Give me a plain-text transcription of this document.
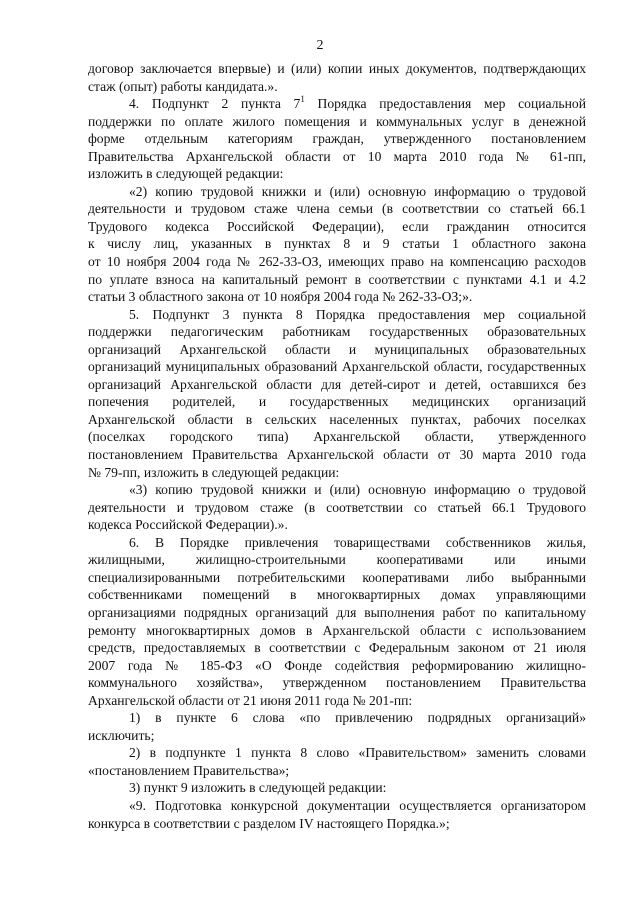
2
договор заключается впервые) и (или) копии иных документов, подтверждающих
стаж (опыт) работы кандидата.».
4. Подпункт 2 пункта $7^1$ Порядка предоставления мер социальной
поддержки по оплате жилого помещения и коммунальных услуг в денежной
форме отдельным категориям граждан, утвержденного постановлением
Правительства Архангельской области от 10 марта 2010 года № 61-пп,
изложить в следующей редакции:
«2) копию трудовой книжки и (или) основную информацию о трудовой
деятельности и трудовом стаже члена семьи (в соответствии со статьей 66.1
Трудового кодекса Российской Федерации), если гражданин относится
к числу лиц, указанных в пунктах 8 и 9 статьи 1 областного закона
от 10 ноября 2004 года № 262-33-ОЗ, имеющих право на компенсацию расходов
по уплате взноса на капитальный ремонт в соответствии с пунктами 4.1 и 4.2
статьи 3 областного закона от 10 ноября 2004 года № 262-33-ОЗ;».
5. Подпункт 3 пункта 8 Порядка предоставления мер социальной
поддержки педагогическим работникам государственных образовательных
организаций Архангельской области и муниципальных образовательных
организаций муниципальных образований Архангельской области, государственных
организаций Архангельской области для детей-сирот и детей, оставшихся без
попечения родителей, и государственных медицинских организаций
Архангельской области в сельских населенных пунктах, рабочих поселках
(поселках городского типа) Архангельской области, утвержденного
постановлением Правительства Архангельской области от 30 марта 2010 года
№ 79-пп, изложить в следующей редакции:
«3) копию трудовой книжки и (или) основную информацию о трудовой
деятельности и трудовом стаже (в соответствии со статьей 66.1 Трудового
кодекса Российской Федерации).».
6. В Порядке привлечения товариществами собственников жилья,
жилищными, жилищно-строительными кооперативами или иными
специализированными потребительскими кооперативами либо выбранными
собственниками помещений в многоквартирных домах управляющими
организациями подрядных организаций для выполнения работ по капитальному
ремонту многоквартирных домов в Архангельской области с использованием
средств, предоставляемых в соответствии с Федеральным законом от 21 июля
2007 года № 185-ФЗ «О Фонде содействия реформированию жилищно-
коммунального хозяйства», утвержденном постановлением Правительства
Архангельской области от 21 июня 2011 года № 201-пп:
1) в пункте 6 слова «по привлечению подрядных организаций»
исключить;
2) в подпункте 1 пункта 8 слово «Правительством» заменить словами
«постановлением Правительства»;
3) пункт 9 изложить в следующей редакции:
«9. Подготовка конкурсной документации осуществляется организатором
конкурса в соответствии с разделом IV настоящего Порядка.»;
